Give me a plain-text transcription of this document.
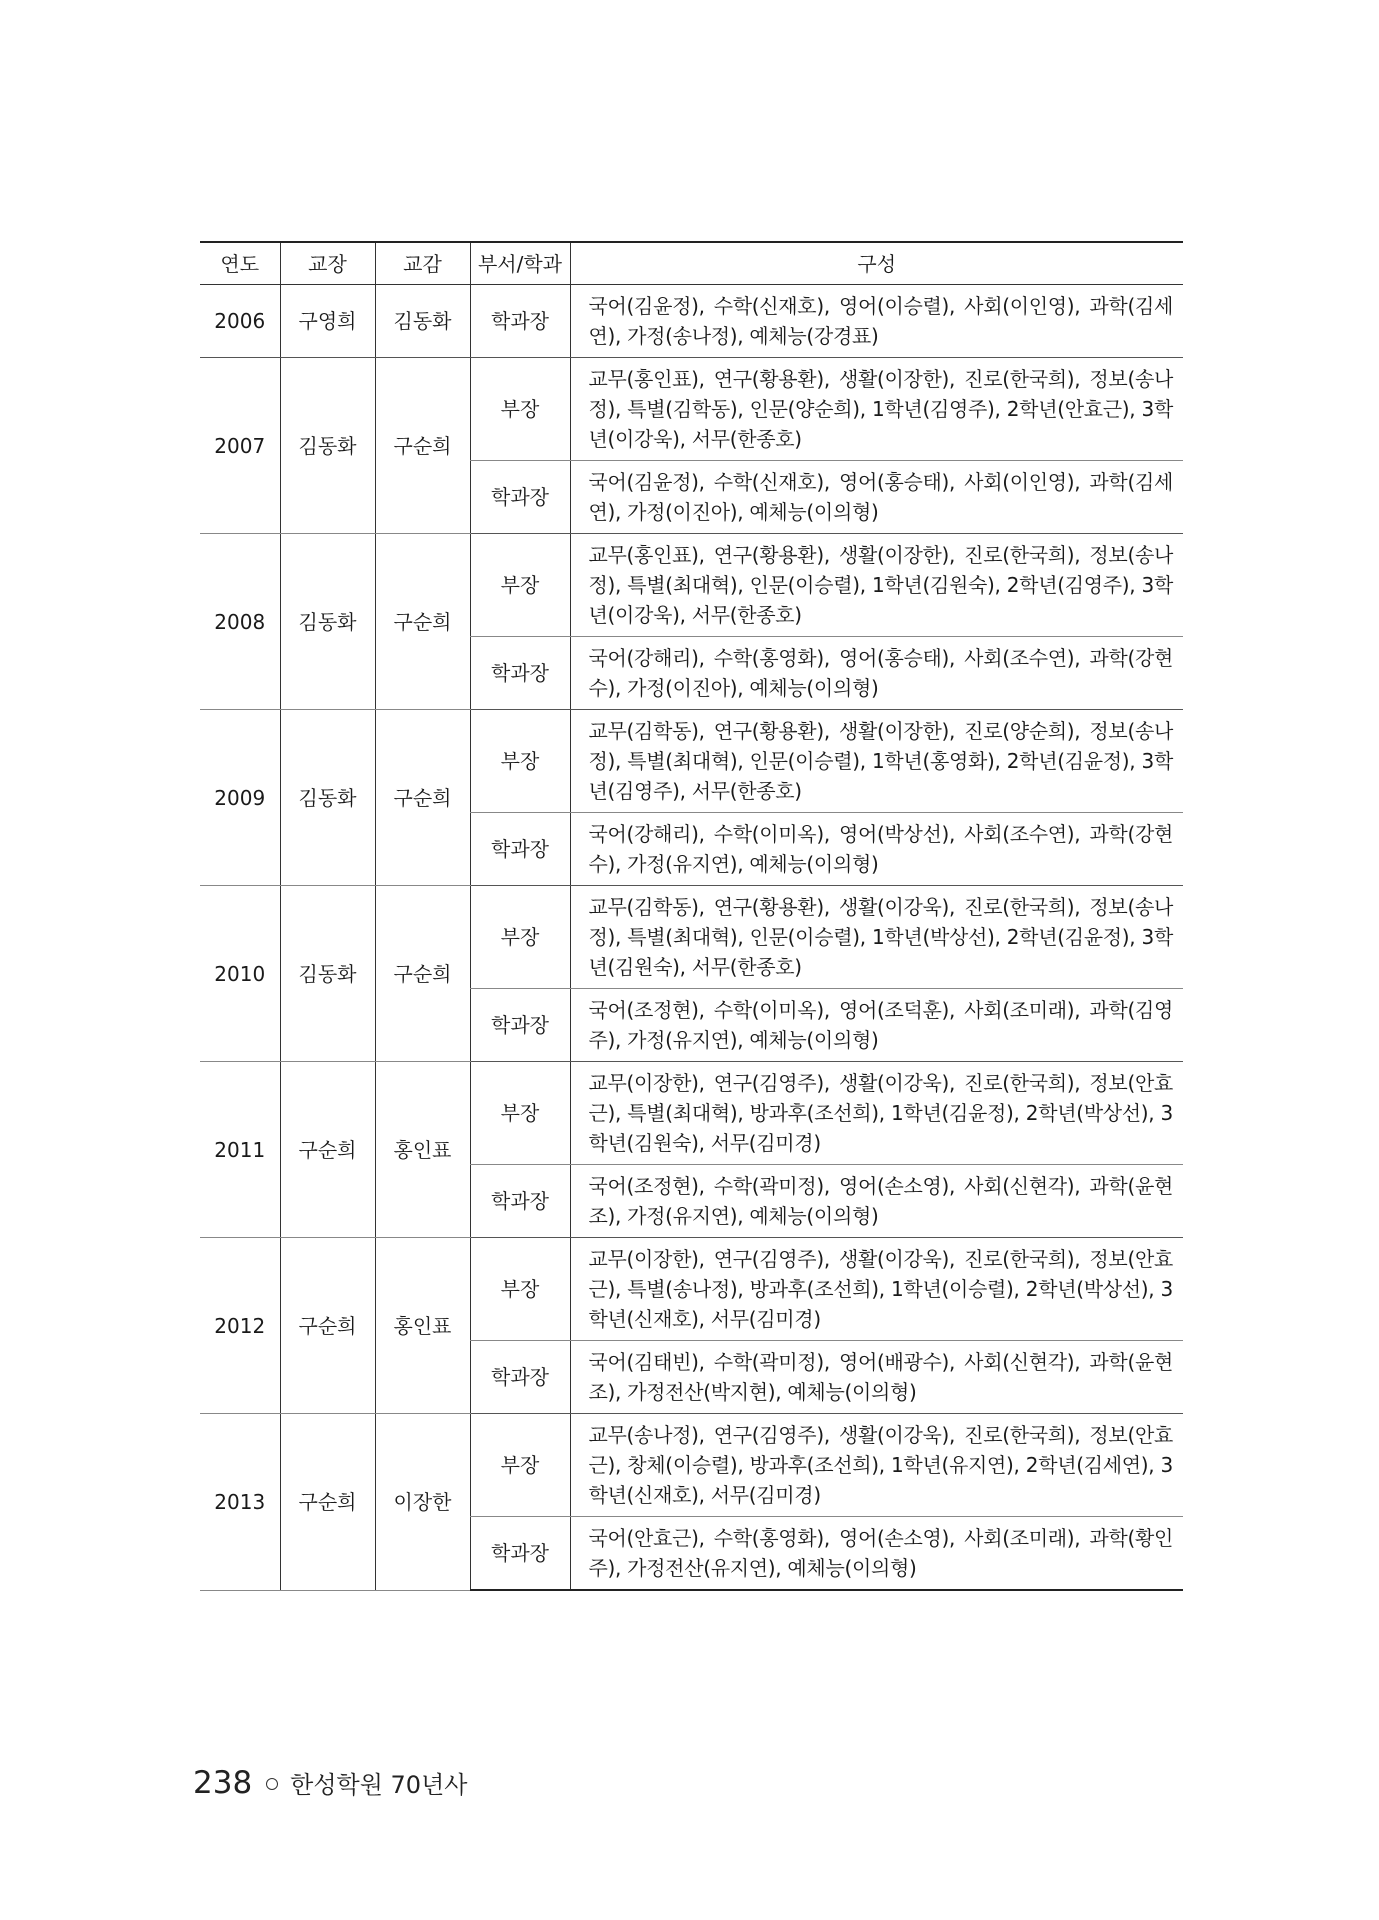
연도	교장	교감	부서/학과	구성
2006	구영희	김동화	학과장	국어(김윤정), 수학(신재호), 영어(이승렬), 사회(이인영), 과학(김세연), 가정(송나정), 예체능(강경표)
2007	김동화	구순희	부장	교무(홍인표), 연구(황용환), 생활(이장한), 진로(한국희), 정보(송나정), 특별(김학동), 인문(양순희), 1학년(김영주), 2학년(안효근), 3학년(이강욱), 서무(한종호)
			학과장	국어(김윤정), 수학(신재호), 영어(홍승태), 사회(이인영), 과학(김세연), 가정(이진아), 예체능(이의형)
2008	김동화	구순희	부장	교무(홍인표), 연구(황용환), 생활(이장한), 진로(한국희), 정보(송나정), 특별(최대혁), 인문(이승렬), 1학년(김원숙), 2학년(김영주), 3학년(이강욱), 서무(한종호)
			학과장	국어(강해리), 수학(홍영화), 영어(홍승태), 사회(조수연), 과학(강현수), 가정(이진아), 예체능(이의형)
2009	김동화	구순희	부장	교무(김학동), 연구(황용환), 생활(이장한), 진로(양순희), 정보(송나정), 특별(최대혁), 인문(이승렬), 1학년(홍영화), 2학년(김윤정), 3학년(김영주), 서무(한종호)
			학과장	국어(강해리), 수학(이미옥), 영어(박상선), 사회(조수연), 과학(강현수), 가정(유지연), 예체능(이의형)
2010	김동화	구순희	부장	교무(김학동), 연구(황용환), 생활(이강욱), 진로(한국희), 정보(송나정), 특별(최대혁), 인문(이승렬), 1학년(박상선), 2학년(김윤정), 3학년(김원숙), 서무(한종호)
			학과장	국어(조정현), 수학(이미옥), 영어(조덕훈), 사회(조미래), 과학(김영주), 가정(유지연), 예체능(이의형)
2011	구순희	홍인표	부장	교무(이장한), 연구(김영주), 생활(이강욱), 진로(한국희), 정보(안효근), 특별(최대혁), 방과후(조선희), 1학년(김윤정), 2학년(박상선), 3학년(김원숙), 서무(김미경)
			학과장	국어(조정현), 수학(곽미정), 영어(손소영), 사회(신현각), 과학(윤현조), 가정(유지연), 예체능(이의형)
2012	구순희	홍인표	부장	교무(이장한), 연구(김영주), 생활(이강욱), 진로(한국희), 정보(안효근), 특별(송나정), 방과후(조선희), 1학년(이승렬), 2학년(박상선), 3학년(신재호), 서무(김미경)
			학과장	국어(김태빈), 수학(곽미정), 영어(배광수), 사회(신현각), 과학(윤현조), 가정전산(박지현), 예체능(이의형)
2013	구순희	이장한	부장	교무(송나정), 연구(김영주), 생활(이강욱), 진로(한국희), 정보(안효근), 창체(이승렬), 방과후(조선희), 1학년(유지연), 2학년(김세연), 3학년(신재호), 서무(김미경)
			학과장	국어(안효근), 수학(홍영화), 영어(손소영), 사회(조미래), 과학(황인주), 가정전산(유지연), 예체능(이의형)
238 한성학원 70년사
